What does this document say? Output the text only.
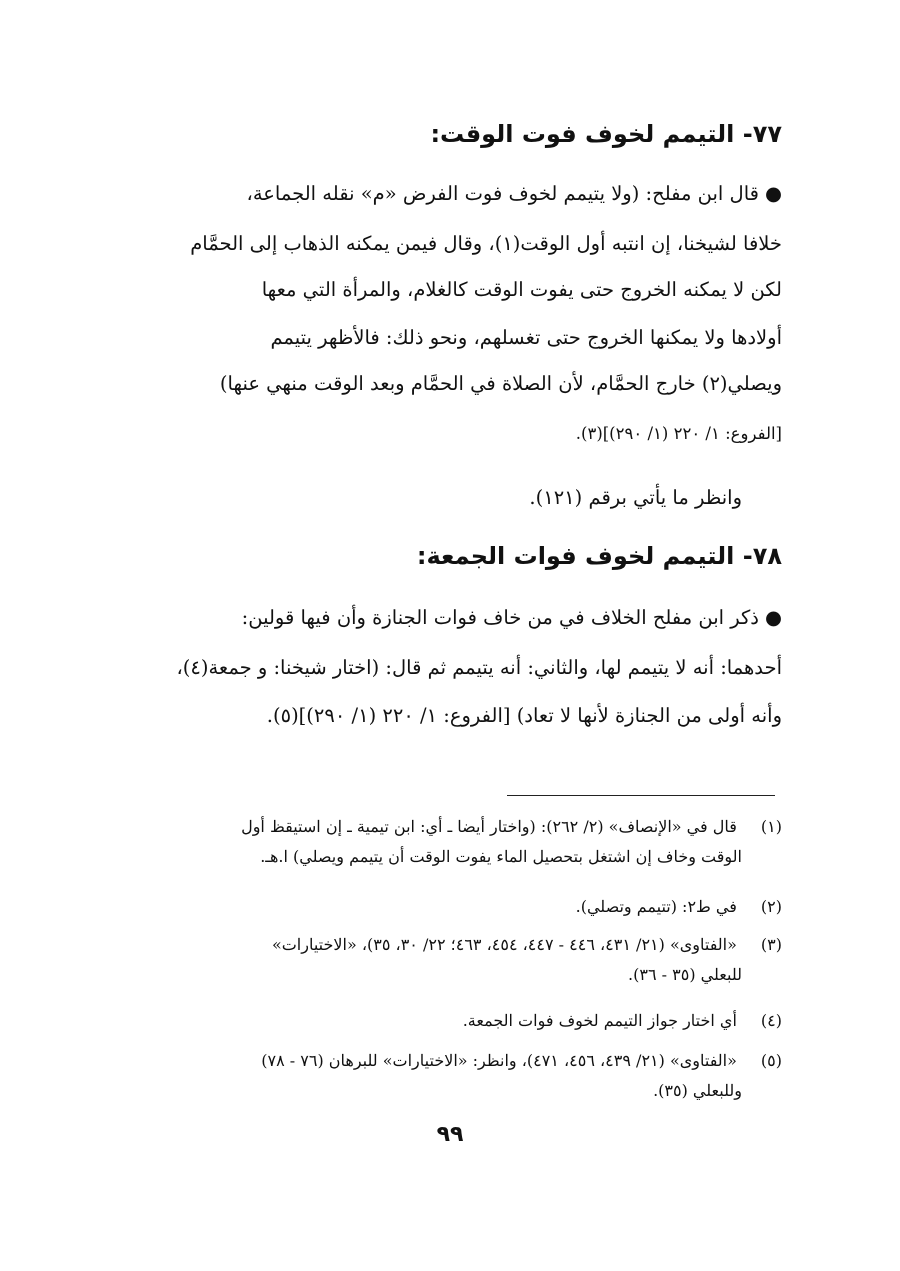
٧٧- التيمم لخوف فوت الوقت:
●قال ابن مفلح: (ولا يتيمم لخوف فوت الفرض «م» نقله الجماعة،
خلافا لشيخنا، إن انتبه أول الوقت(١)، وقال فيمن يمكنه الذهاب إلى الحمَّام
لكن لا يمكنه الخروج حتى يفوت الوقت كالغلام، والمرأة التي معها
أولادها ولا يمكنها الخروج حتى تغسلهم، ونحو ذلك: فالأظهر يتيمم
ويصلي(٢) خارج الحمَّام، لأن الصلاة في الحمَّام وبعد الوقت منهي عنها)
[الفروع: ١/ ٢٢٠ (١/ ٢٩٠)](٣).
وانظر ما يأتي برقم (١٢١).
٧٨- التيمم لخوف فوات الجمعة:
●ذكر ابن مفلح الخلاف في من خاف فوات الجنازة وأن فيها قولين:
أحدهما: أنه لا يتيمم لها، والثاني: أنه يتيمم ثم قال: (اختار شيخنا: و جمعة(٤)،
وأنه أولى من الجنازة لأنها لا تعاد) [الفروع: ١/ ٢٢٠ (١/ ٢٩٠)](٥).
(١) قال في «الإنصاف» (٢/ ٢٦٢): (واختار أيضا ـ أي: ابن تيمية ـ إن استيقظ أول
الوقت وخاف إن اشتغل بتحصيل الماء يفوت الوقت أن يتيمم ويصلي) ا.هـ.
(٢) في ط٢: (تتيمم وتصلي).
(٣) «الفتاوى» (٢١/ ٤٣١، ٤٤٦ - ٤٤٧، ٤٥٤، ٤٦٣؛ ٢٢/ ٣٠، ٣٥)، «الاختيارات»
للبعلي (٣٥ - ٣٦).
(٤) أي اختار جواز التيمم لخوف فوات الجمعة.
(٥) «الفتاوى» (٢١/ ٤٣٩، ٤٥٦، ٤٧١)، وانظر: «الاختيارات» للبرهان (٧٦ - ٧٨)
وللبعلي (٣٥).
٩٩
